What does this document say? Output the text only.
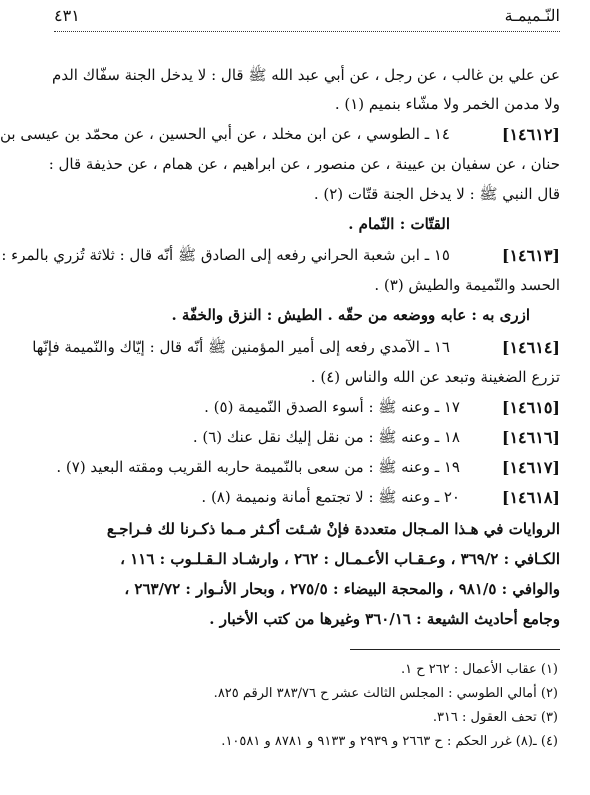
النّـميمـة
٤٣١
عن علي بن غالب ، عن رجل ، عن أبي عبد الله ﷺ قال : لا يدخل الجنة سفّاك الدم
ولا مدمن الخمر ولا مشّاء بنميم (١) .
[١٤٦١٢]
١٤ ـ الطوسي ، عن ابن مخلد ، عن أبي الحسين ، عن محمّد بن عيسى بن
حنان ، عن سفيان بن عيينة ، عن منصور ، عن ابراهيم ، عن همام ، عن حذيفة قال :
قال النبي ﷺ : لا يدخل الجنة قتّات (٢) .
القتّات : النّمام .
[١٤٦١٣]
١٥ ـ ابن شعبة الحراني رفعه إلى الصادق ﷺ أنّه قال : ثلاثة تُزري بالمرء :
الحسد والنّميمة والطيش (٣) .
ازرى به : عابه ووضعه من حقّه . الطيش : النزق والخفّة .
[١٤٦١٤]
١٦ ـ الآمدي رفعه إلى أمير المؤمنين ﷺ أنّه قال : إيّاك والنّميمة فإنّها
تزرع الضغينة وتبعد عن الله والناس (٤) .
[١٤٦١٥]
١٧ ـ وعنه ﷺ : أسوء الصدق النّميمة (٥) .
[١٤٦١٦]
١٨ ـ وعنه ﷺ : من نقل إليك نقل عنك (٦) .
[١٤٦١٧]
١٩ ـ وعنه ﷺ : من سعى بالنّميمة حاربه القريب ومقته البعيد (٧) .
[١٤٦١٨]
٢٠ ـ وعنه ﷺ : لا تجتمع أمانة ونميمة (٨) .
الروايات في هـذا المـجال متعددة فإنْ شـئت أكـثر مـما ذكـرنا لك فـراجـع
الكـافي : ٣٦٩/٢ ، وعـقـاب الأعـمـال : ٢٦٢ ، وارشـاد الـقـلـوب : ١١٦ ،
والوافي : ٩٨١/٥ ، والمحجة البيضاء : ٢٧٥/٥ ، وبحار الأنـوار : ٢٦٣/٧٢ ،
وجامع أحاديث الشيعة : ٣٦٠/١٦ وغيرها من كتب الأخبار .
(١) عقاب الأعمال : ٢٦٢ ح ١.
(٢) أمالي الطوسي : المجلس الثالث عشر ح ٣٨٣/٧٦ الرقم ٨٢٥.
(٣) تحف العقول : ٣١٦.
(٤) ـ(٨) غرر الحكم : ح ٢٦٦٣ و ٢٩٣٩ و ٩١٣٣ و ٨٧٨١ و ١٠٥٨١.
